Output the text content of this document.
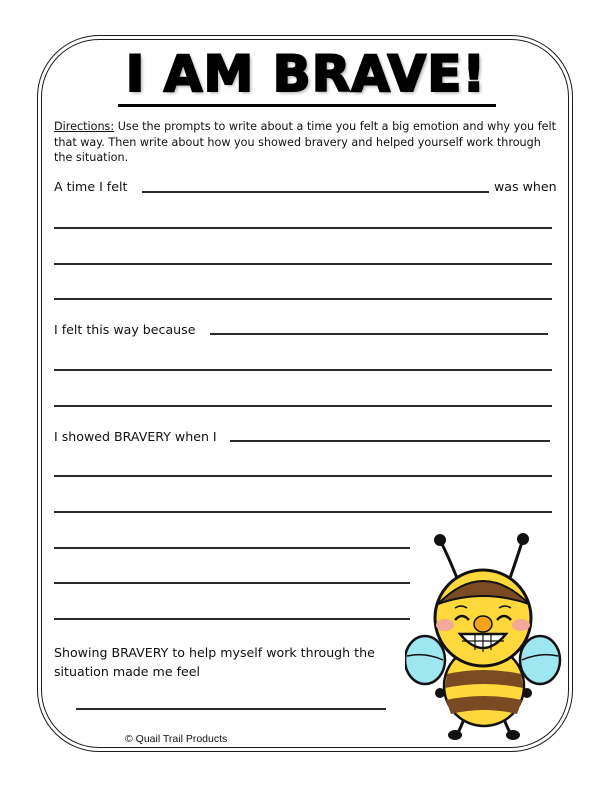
I AM BRAVE!
Directions: Use the prompts to write about a time you felt a big emotion and why you felt that way. Then write about how you showed bravery and helped yourself work through the situation.
A time I felt	was when
I felt this way because
I showed BRAVERY when I
Showing BRAVERY to help myself work through the situation made me feel
© Quail Trail Products
